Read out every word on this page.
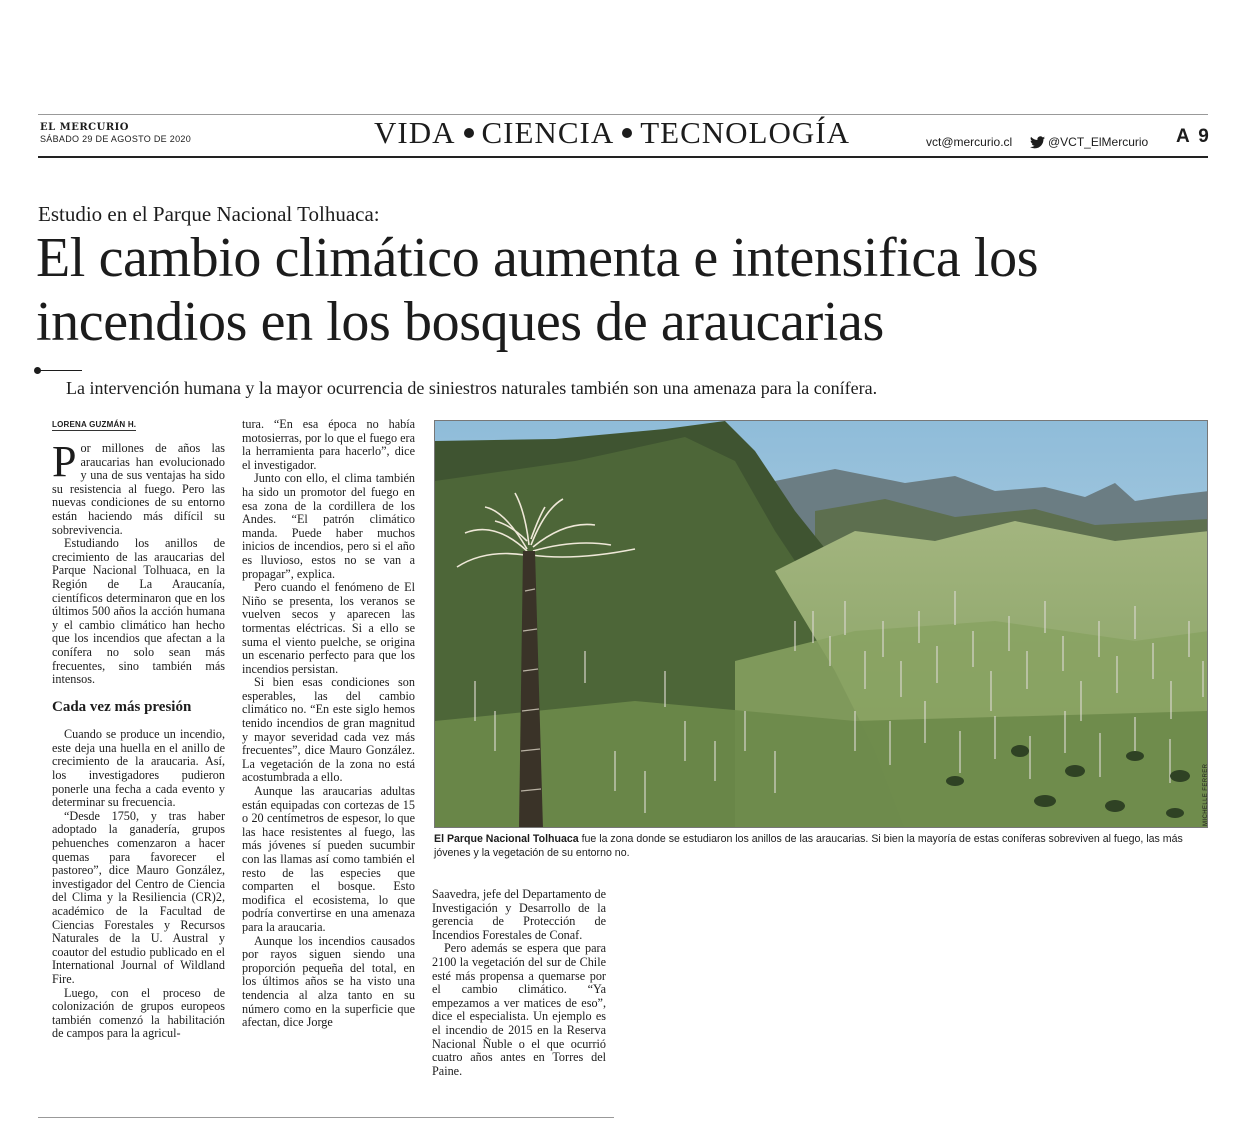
EL MERCURIO
SÁBADO 29 DE AGOSTO DE 2020	VIDA CIENCIA TECNOLOGÍA	vct@mercurio.cl	@VCT_ElMercurio A 9
Estudio en el Parque Nacional Tolhuaca:
El cambio climático aumenta e intensifica los incendios en los bosques de araucarias
La intervención humana y la mayor ocurrencia de siniestros naturales también son una amenaza para la conífera.
LORENA GUZMÁN H.

Por millones de años las araucarias han evolucionado y una de sus ventajas ha sido su resistencia al fuego. Pero las nuevas condiciones de su entorno están haciendo más difícil su sobrevivencia.

Estudiando los anillos de crecimiento de las araucarias del Parque Nacional Tolhuaca, en la Región de La Araucanía, científicos determinaron que en los últimos 500 años la acción humana y el cambio climático han hecho que los incendios que afectan a la conífera no solo sean más frecuentes, sino también más intensos.

Cada vez más presión

Cuando se produce un incendio, este deja una huella en el anillo de crecimiento de la araucaria. Así, los investigadores pudieron ponerle una fecha a cada evento y determinar su frecuencia.

“Desde 1750, y tras haber adoptado la ganadería, grupos pehuenches comenzaron a hacer quemas para favorecer el pastoreo”, dice Mauro González, investigador del Centro de Ciencia del Clima y la Resiliencia (CR)2, académico de la Facultad de Ciencias Forestales y Recursos Naturales de la U. Austral y coautor del estudio publicado en el International Journal of Wildland Fire.

Luego, con el proceso de colonización de grupos europeos también comenzó la habilitación de campos para la agricul-

tura. “En esa época no había motosierras, por lo que el fuego era la herramienta para hacerlo”, dice el investigador.

Junto con ello, el clima también ha sido un promotor del fuego en esa zona de la cordillera de los Andes. “El patrón climático manda. Puede haber muchos inicios de incendios, pero si el año es lluvioso, estos no se van a propagar”, explica.

Pero cuando el fenómeno de El Niño se presenta, los veranos se vuelven secos y aparecen las tormentas eléctricas. Si a ello se suma el viento puelche, se origina un escenario perfecto para que los incendios persistan.

Si bien esas condiciones son esperables, las del cambio climático no. “En este siglo hemos tenido incendios de gran magnitud y mayor severidad cada vez más frecuentes”, dice Mauro González. La vegetación de la zona no está acostumbrada a ello.

Aunque las araucarias adultas están equipadas con cortezas de 15 o 20 centímetros de espesor, lo que las hace resistentes al fuego, las más jóvenes sí pueden sucumbir con las llamas así como también el resto de las especies que comparten el bosque. Esto modifica el ecosistema, lo que podría convertirse en una amenaza para la araucaria.

Aunque los incendios causados por rayos siguen siendo una proporción pequeña del total, en los últimos años se ha visto una tendencia al alza tanto en su número como en la superficie que afectan, dice Jorge

MICHELLE FERRER
El Parque Nacional Tolhuaca fue la zona donde se estudiaron los anillos de las araucarias. Si bien la mayoría de estas coníferas sobreviven al fuego, las más jóvenes y la vegetación de su entorno no.

Saavedra, jefe del Departamento de Investigación y Desarrollo de la gerencia de Protección de Incendios Forestales de Conaf.

Pero además se espera que para 2100 la vegetación del sur de Chile esté más propensa a quemarse por el cambio climático. “Ya empezamos a ver matices de eso”, dice el especialista. Un ejemplo es el incendio de 2015 en la Reserva Nacional Ñuble o el que ocurrió cuatro años antes en Torres del Paine.
